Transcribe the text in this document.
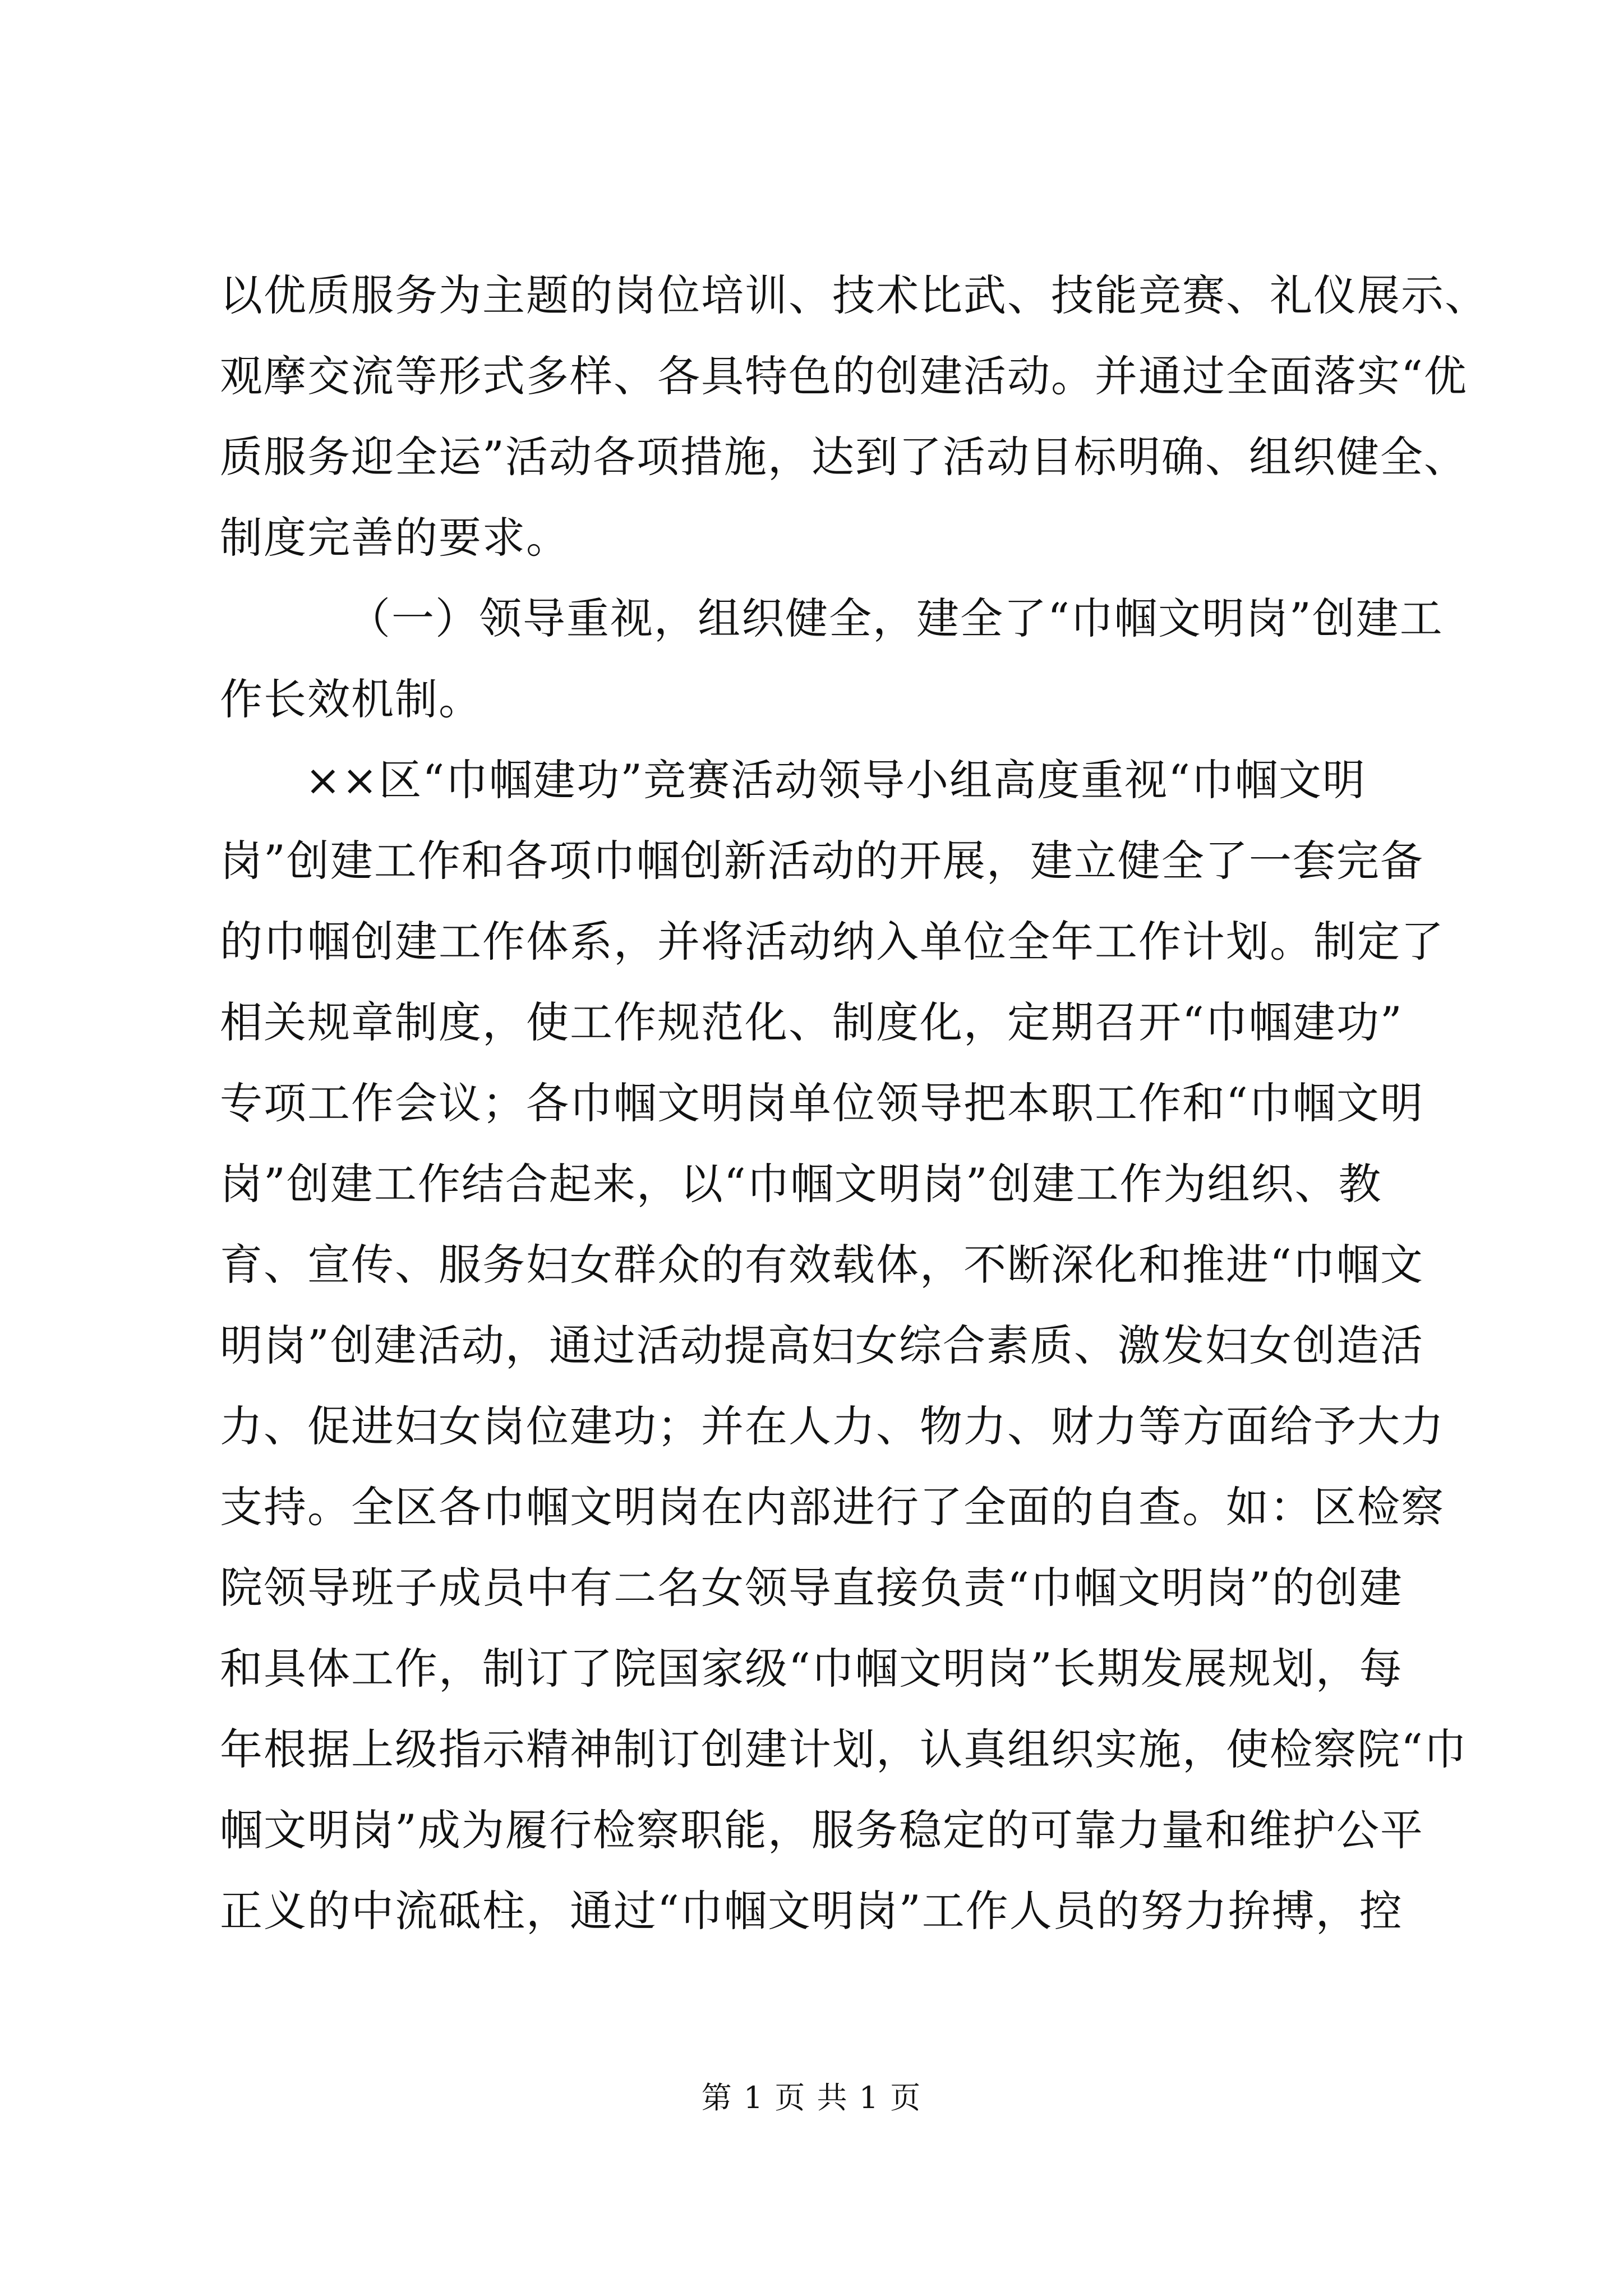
以优质服务为主题的岗位培训、技术比武、技能竞赛、礼仪展示、
观摩交流等形式多样、各具特色的创建活动。并通过全面落实“优
质服务迎全运”活动各项措施，达到了活动目标明确、组织健全、
制度完善的要求。
（一）领导重视，组织健全，建全了“巾帼文明岗”创建工
作长效机制。
××区“巾帼建功”竞赛活动领导小组高度重视“巾帼文明
岗”创建工作和各项巾帼创新活动的开展，建立健全了一套完备
的巾帼创建工作体系，并将活动纳入单位全年工作计划。制定了
相关规章制度，使工作规范化、制度化，定期召开“巾帼建功”
专项工作会议；各巾帼文明岗单位领导把本职工作和“巾帼文明
岗”创建工作结合起来，以“巾帼文明岗”创建工作为组织、教
育、宣传、服务妇女群众的有效载体，不断深化和推进“巾帼文
明岗”创建活动，通过活动提高妇女综合素质、激发妇女创造活
力、促进妇女岗位建功；并在人力、物力、财力等方面给予大力
支持。全区各巾帼文明岗在内部进行了全面的自查。如：区检察
院领导班子成员中有二名女领导直接负责“巾帼文明岗”的创建
和具体工作，制订了院国家级“巾帼文明岗”长期发展规划，每
年根据上级指示精神制订创建计划，认真组织实施，使检察院“巾
帼文明岗”成为履行检察职能，服务稳定的可靠力量和维护公平
正义的中流砥柱，通过“巾帼文明岗”工作人员的努力拚搏，控
第 1 页 共 1 页
